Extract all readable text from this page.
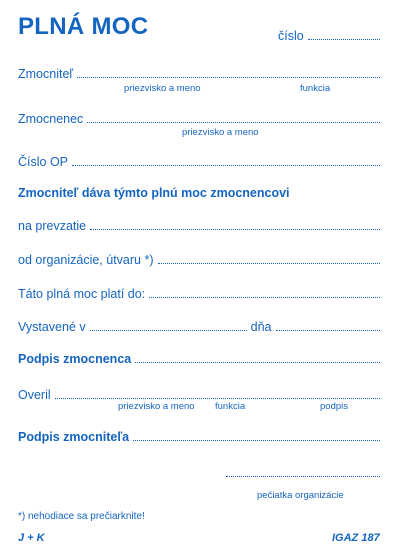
PLNÁ MOC	číslo
Zmocniteľ
priezvisko a meno	funkcia
Zmocnenec
priezvisko a meno
Číslo OP
Zmocniteľ dáva týmto plnú moc zmocnencovi
na prevzatie
od organizácie, útvaru *)
Táto plná moc platí do:
Vystavené v	dňa
Podpis zmocnenca
Overil
priezvisko a meno funkcia	podpis
Podpis zmocniteľa
pečiatka organizácie
*) nehodiace sa prečiarknite!
J + K	IGAZ 187
